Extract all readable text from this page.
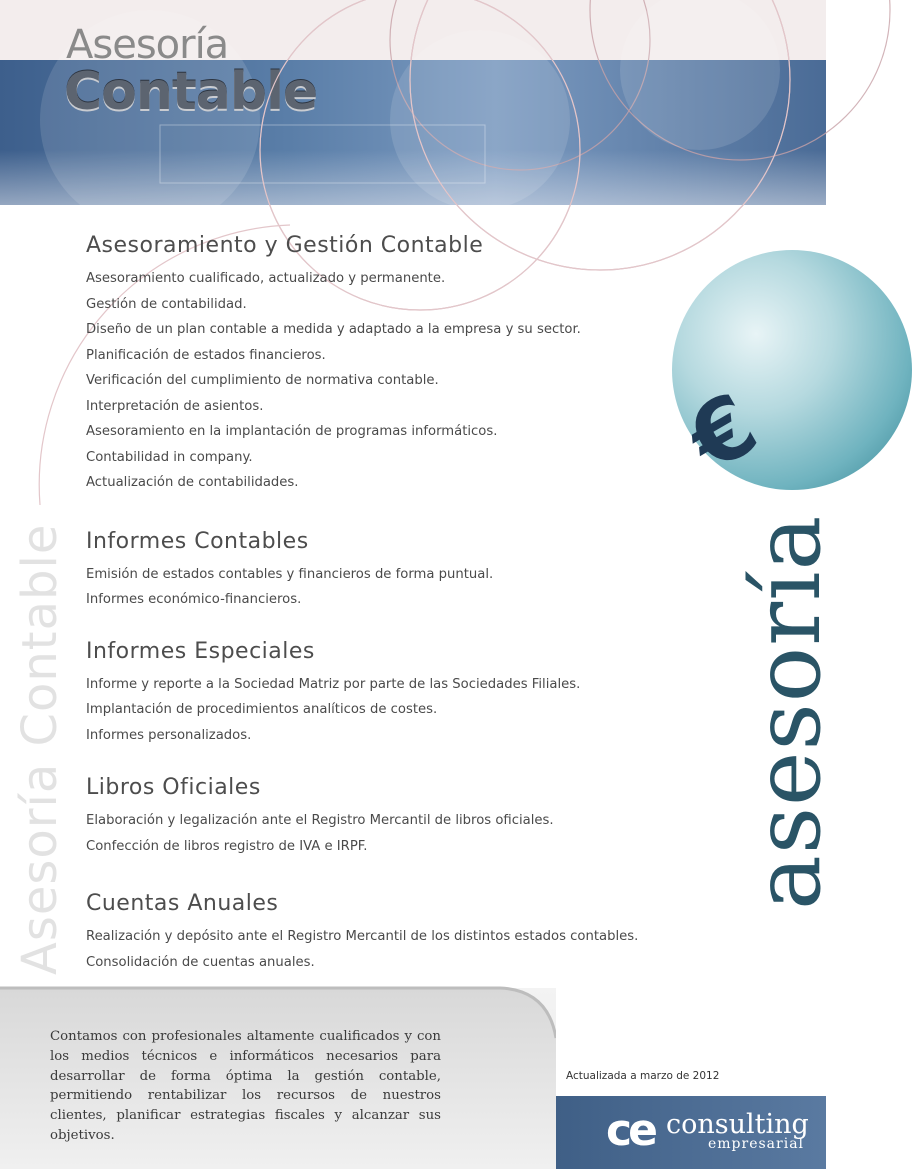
Asesoría
Contable
€
asesoría
Asesoría Contable
Asesoramiento y Gestión Contable
Asesoramiento cualificado, actualizado y permanente.
Gestión de contabilidad.
Diseño de un plan contable a medida y adaptado a la empresa y su sector.
Planificación de estados financieros.
Verificación del cumplimiento de normativa contable.
Interpretación de asientos.
Asesoramiento en la implantación de programas informáticos.
Contabilidad in company.
Actualización de contabilidades.
Informes Contables
Emisión de estados contables y financieros de forma puntual.
Informes económico-financieros.
Informes Especiales
Informe y reporte a la Sociedad Matriz por parte de las Sociedades Filiales.
Implantación de procedimientos analíticos de costes.
Informes personalizados.
Libros Oficiales
Elaboración y legalización ante el Registro Mercantil de libros oficiales.
Confección de libros registro de IVA e IRPF.
Cuentas Anuales
Realización y depósito ante el Registro Mercantil de los distintos estados contables.
Consolidación de cuentas anuales.
Contamos con profesionales altamente cualificados y con los medios técnicos e informáticos necesarios para desarrollar de forma óptima la gestión contable, permitiendo rentabilizar los recursos de nuestros clientes, planificar estrategias fiscales y alcanzar sus objetivos.
Actualizada a marzo de 2012
ce consulting
empresarial
